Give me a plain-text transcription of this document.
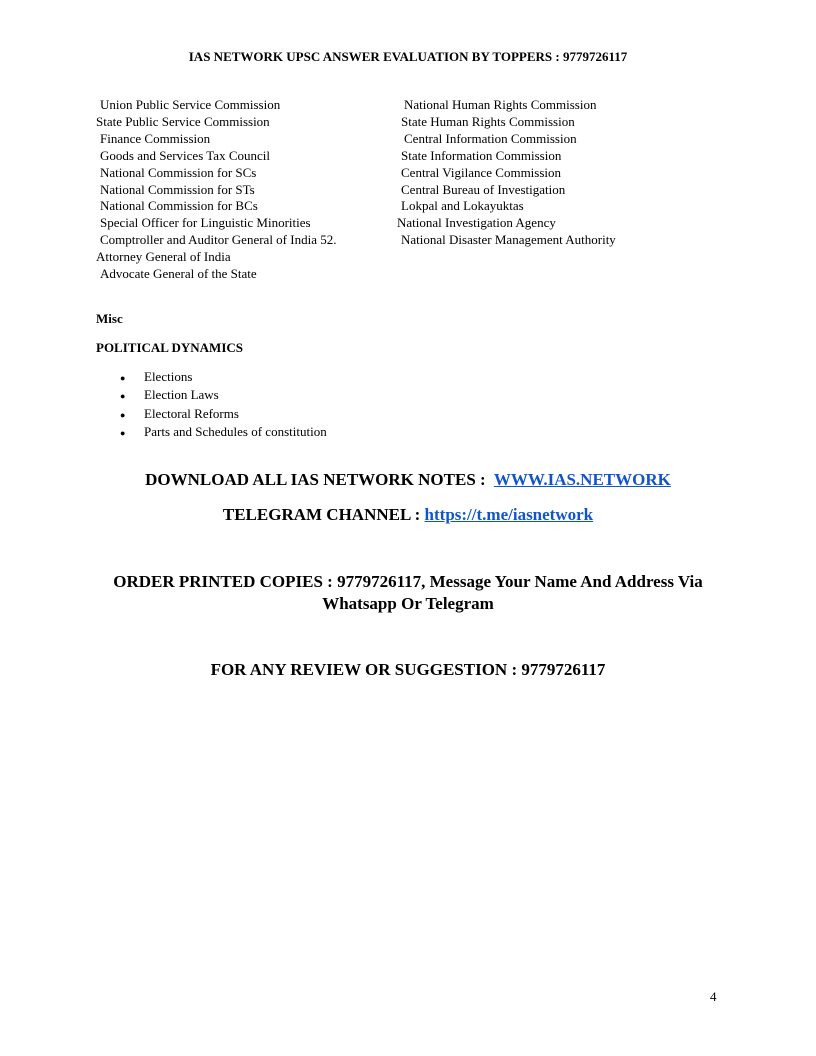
IAS NETWORK UPSC ANSWER EVALUATION BY TOPPERS : 9779726117
Union Public Service Commission
State Public Service Commission
Finance Commission
Goods and Services Tax Council
National Commission for SCs
National Commission for STs
National Commission for BCs
Special Officer for Linguistic Minorities
Comptroller and Auditor General of India 52.
Attorney General of India
Advocate General of the State
National Human Rights Commission
State Human Rights Commission
Central Information Commission
State Information Commission
Central Vigilance Commission
Central Bureau of Investigation
Lokpal and Lokayuktas
National Investigation Agency
National Disaster Management Authority
Misc
POLITICAL DYNAMICS
● Elections
● Election Laws
● Electoral Reforms
● Parts and Schedules of constitution
DOWNLOAD ALL IAS NETWORK NOTES : WWW.IAS.NETWORK
TELEGRAM CHANNEL : https://t.me/iasnetwork
ORDER PRINTED COPIES : 9779726117, Message Your Name And Address Via
Whatsapp Or Telegram
FOR ANY REVIEW OR SUGGESTION : 9779726117
4
